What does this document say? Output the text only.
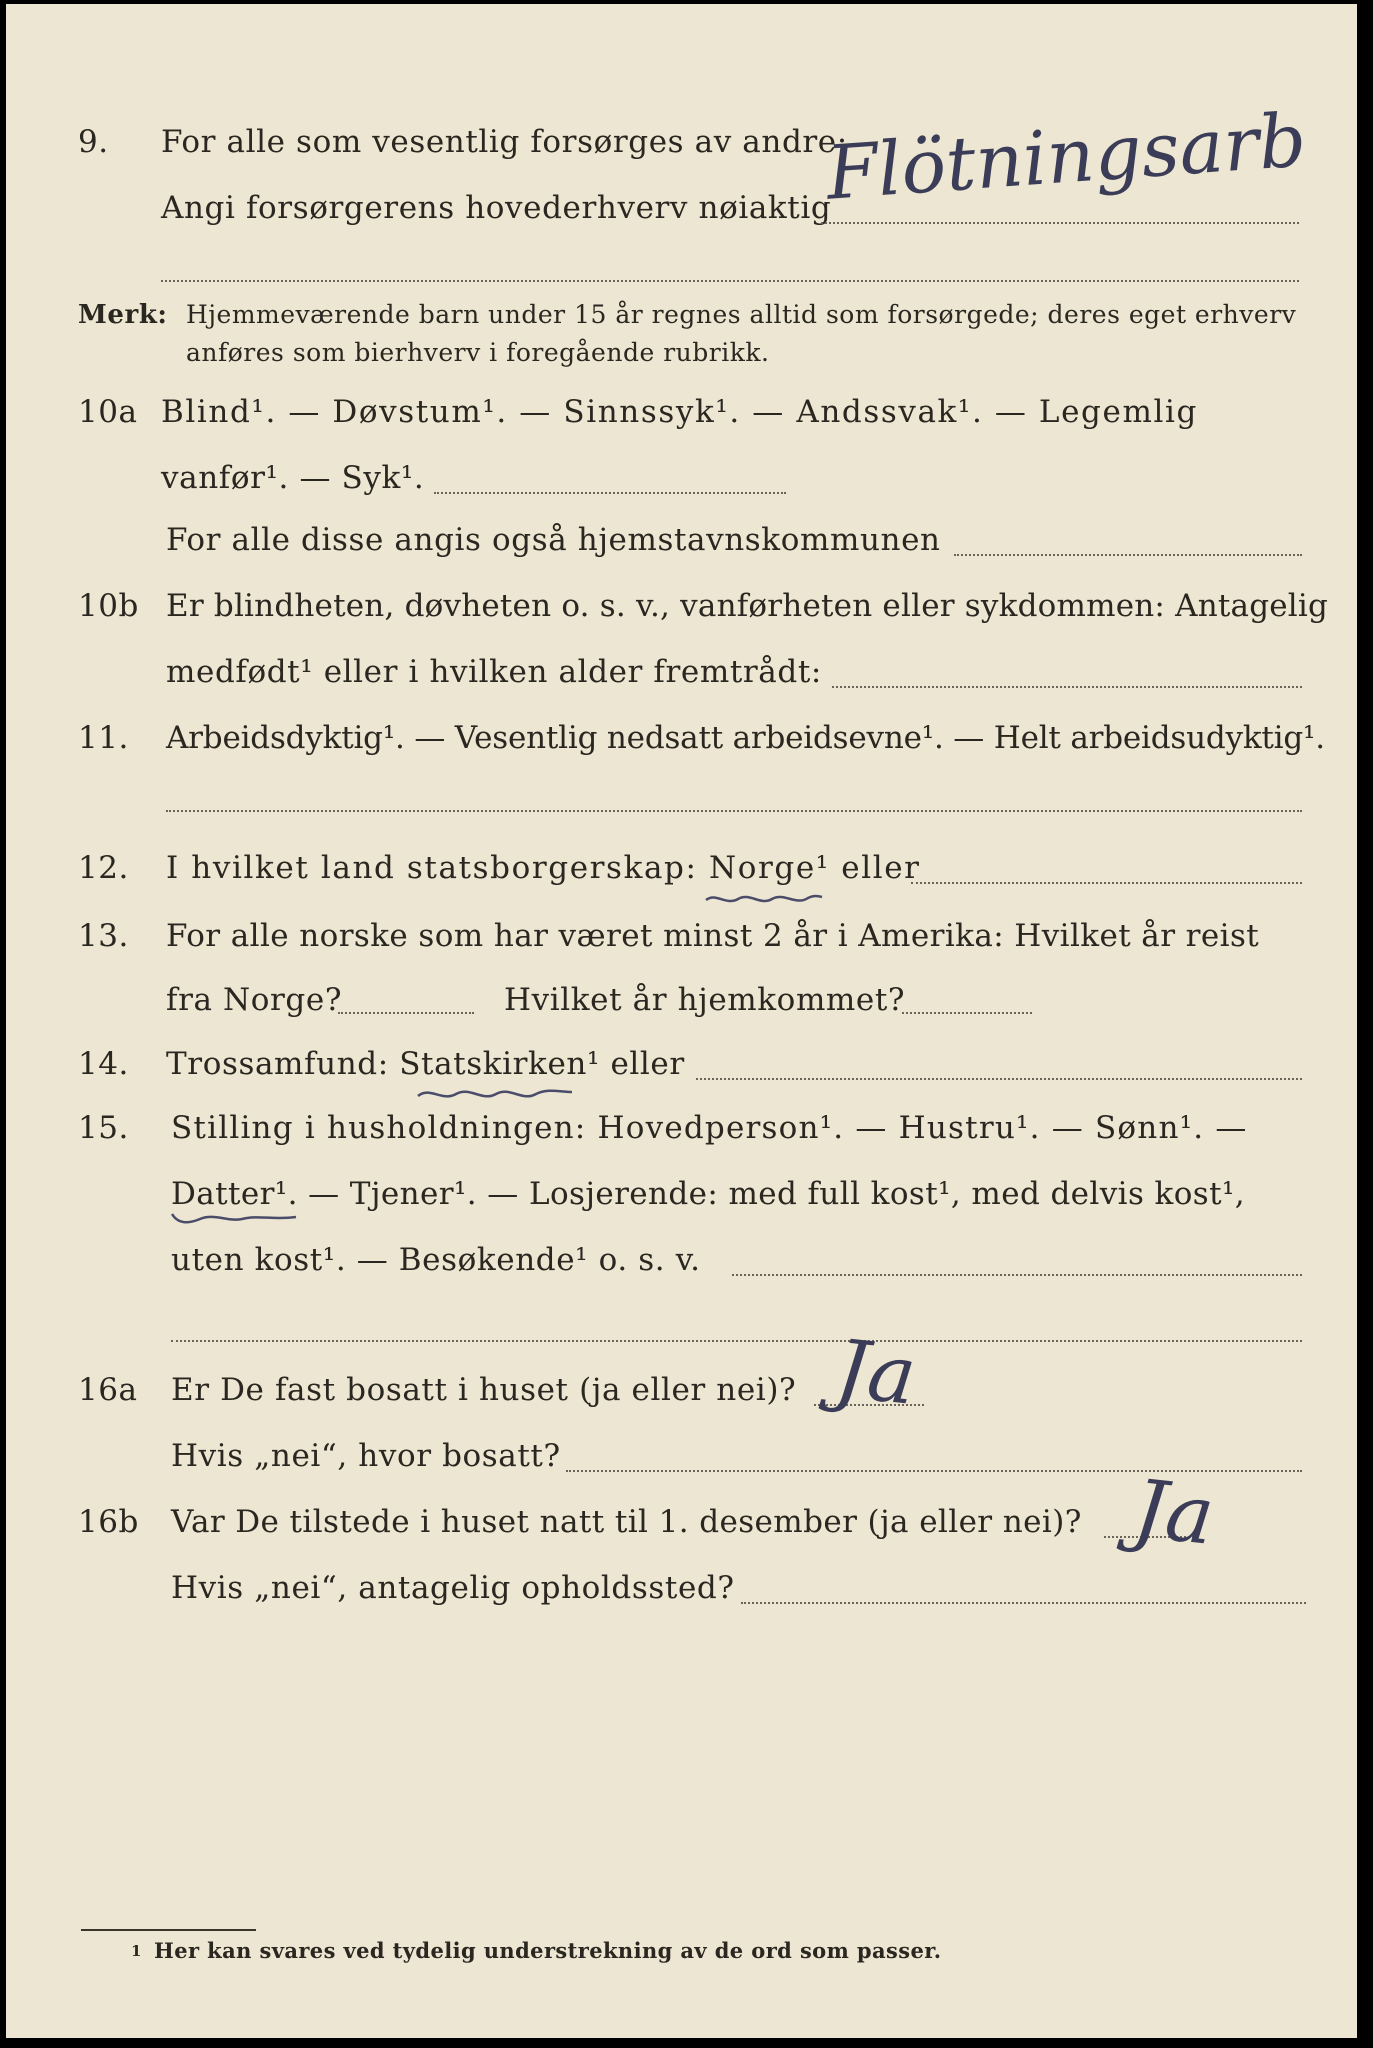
9. For alle som vesentlig forsørges av andre:
Angi forsørgerens hovederhverv nøiaktig
Flötningsarb
Merk: Hjemmeværende barn under 15 år regnes alltid som forsørgede; deres eget erhverv
anføres som bierhverv i foregående rubrikk.
10a Blind¹. — Døvstum¹. — Sinnssyk¹. — Andssvak¹. — Legemlig
vanfør¹. — Syk¹.
For alle disse angis også hjemstavnskommunen
10b Er blindheten, døvheten o. s. v., vanførheten eller sykdommen: Antagelig
medfødt¹ eller i hvilken alder fremtrådt:
11. Arbeidsdyktig¹. — Vesentlig nedsatt arbeidsevne¹. — Helt arbeidsudyktig¹.
12. I hvilket land statsborgerskap: Norge¹ eller
13. For alle norske som har været minst 2 år i Amerika: Hvilket år reist
fra Norge?	Hvilket år hjemkommet?
14. Trossamfund: Statskirken¹ eller
15. Stilling i husholdningen: Hovedperson¹. — Hustru¹. — Sønn¹. —
Datter¹. — Tjener¹. — Losjerende: med full kost¹, med delvis kost¹,
uten kost¹. — Besøkende¹ o. s. v.
16a Er De fast bosatt i huset (ja eller nei)?
Hvis „nei“, hvor bosatt?
Ja
16b Var De tilstede i huset natt til 1. desember (ja eller nei)?
Hvis „nei“, antagelig opholdssted?
Ja
1 Her kan svares ved tydelig understrekning av de ord som passer.
